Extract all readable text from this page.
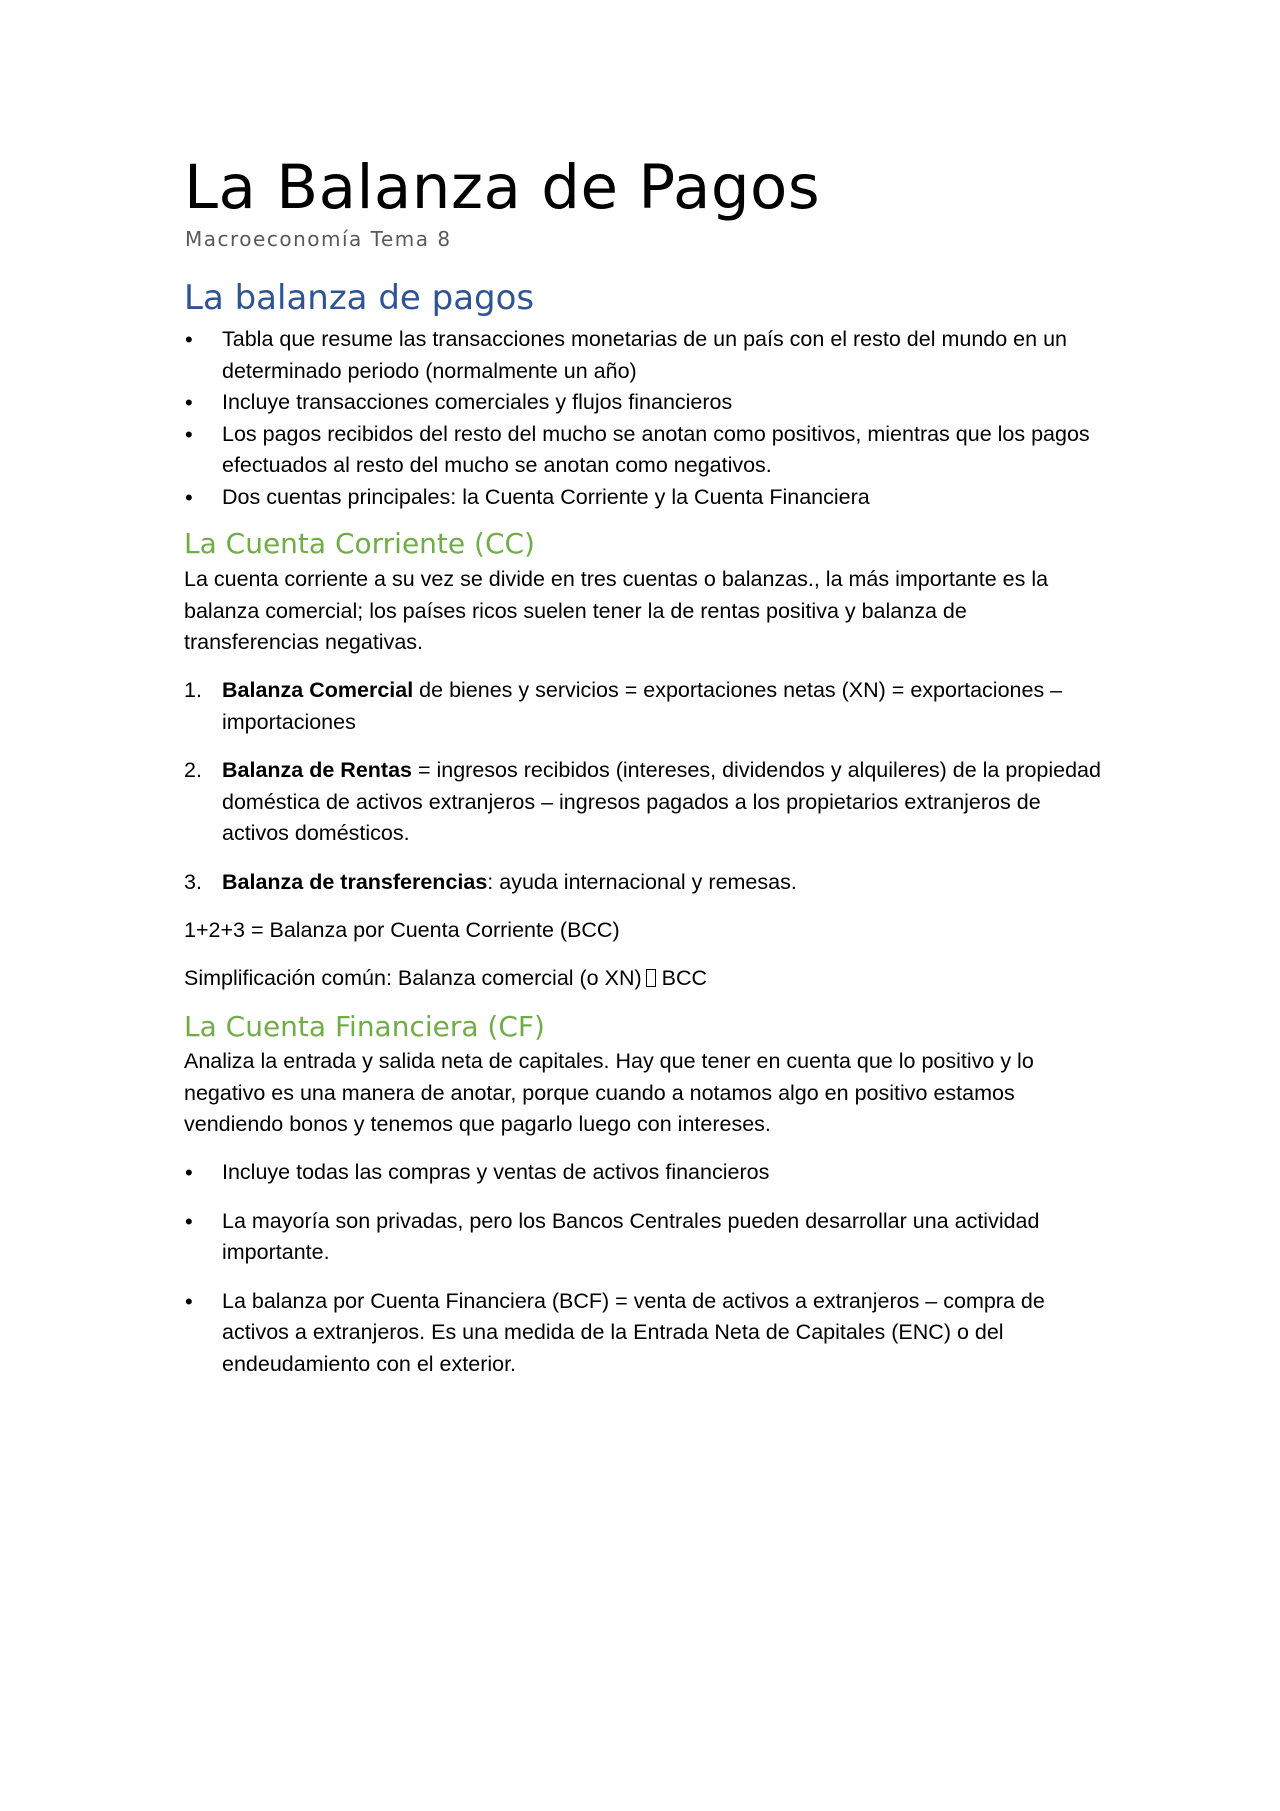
La Balanza de Pagos
Macroeconomía Tema 8
La balanza de pagos
• Tabla que resume las transacciones monetarias de un país con el resto del mundo en un determinado periodo (normalmente un año)
• Incluye transacciones comerciales y flujos financieros
• Los pagos recibidos del resto del mucho se anotan como positivos, mientras que los pagos efectuados al resto del mucho se anotan como negativos.
• Dos cuentas principales: la Cuenta Corriente y la Cuenta Financiera
La Cuenta Corriente (CC)

La cuenta corriente a su vez se divide en tres cuentas o balanzas., la más importante es la balanza comercial; los países ricos suelen tener la de rentas positiva y balanza de transferencias negativas.

1. Balanza Comercial de bienes y servicios = exportaciones netas (XN) = exportaciones – importaciones
2. Balanza de Rentas = ingresos recibidos (intereses, dividendos y alquileres) de la propiedad doméstica de activos extranjeros – ingresos pagados a los propietarios extranjeros de activos domésticos.
3. Balanza de transferencias: ayuda internacional y remesas.

1+2+3 = Balanza por Cuenta Corriente (BCC)

Simplificación común: Balanza comercial (o XN) BCC

La Cuenta Financiera (CF)

Analiza la entrada y salida neta de capitales. Hay que tener en cuenta que lo positivo y lo negativo es una manera de anotar, porque cuando a notamos algo en positivo estamos vendiendo bonos y tenemos que pagarlo luego con intereses.

• Incluye todas las compras y ventas de activos financieros
• La mayoría son privadas, pero los Bancos Centrales pueden desarrollar una actividad importante.
• La balanza por Cuenta Financiera (BCF) = venta de activos a extranjeros – compra de activos a extranjeros. Es una medida de la Entrada Neta de Capitales (ENC) o del endeudamiento con el exterior.
